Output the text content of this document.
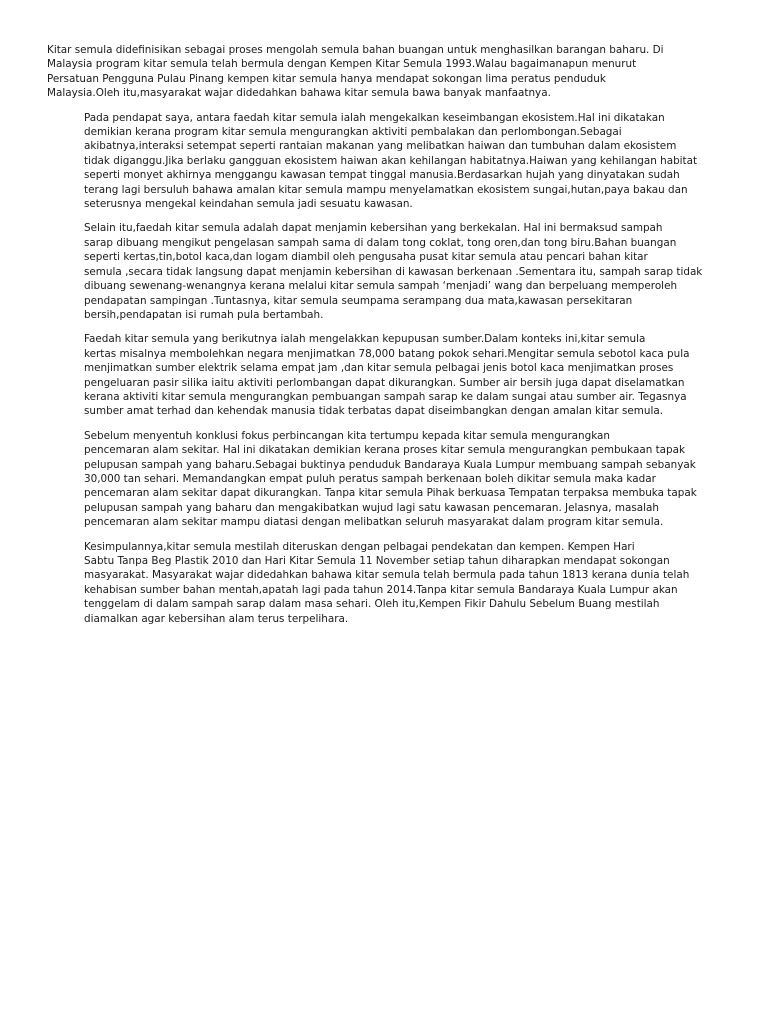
Kitar semula didefinisikan sebagai proses mengolah semula bahan buangan untuk menghasilkan barangan baharu. Di
Malaysia program kitar semula telah bermula dengan Kempen Kitar Semula 1993.Walau bagaimanapun menurut
Persatuan Pengguna Pulau Pinang kempen kitar semula hanya mendapat sokongan lima peratus penduduk
Malaysia.Oleh itu,masyarakat wajar didedahkan bahawa kitar semula bawa banyak manfaatnya.

Pada pendapat saya, antara faedah kitar semula ialah mengekalkan keseimbangan ekosistem.Hal ini dikatakan
demikian kerana program kitar semula mengurangkan aktiviti pembalakan dan perlombongan.Sebagai
akibatnya,interaksi setempat seperti rantaian makanan yang melibatkan haiwan dan tumbuhan dalam ekosistem
tidak diganggu.Jika berlaku gangguan ekosistem haiwan akan kehilangan habitatnya.Haiwan yang kehilangan habitat
seperti monyet akhirnya menggangu kawasan tempat tinggal manusia.Berdasarkan hujah yang dinyatakan sudah
terang lagi bersuluh bahawa amalan kitar semula mampu menyelamatkan ekosistem sungai,hutan,paya bakau dan
seterusnya mengekal keindahan semula jadi sesuatu kawasan.

Selain itu,faedah kitar semula adalah dapat menjamin kebersihan yang berkekalan. Hal ini bermaksud sampah
sarap dibuang mengikut pengelasan sampah sama di dalam tong coklat, tong oren,dan tong biru.Bahan buangan
seperti kertas,tin,botol kaca,dan logam diambil oleh pengusaha pusat kitar semula atau pencari bahan kitar
semula ,secara tidak langsung dapat menjamin kebersihan di kawasan berkenaan .Sementara itu, sampah sarap tidak
dibuang sewenang-wenangnya kerana melalui kitar semula sampah ‘menjadi’ wang dan berpeluang memperoleh
pendapatan sampingan .Tuntasnya, kitar semula seumpama serampang dua mata,kawasan persekitaran
bersih,pendapatan isi rumah pula bertambah.

Faedah kitar semula yang berikutnya ialah mengelakkan kepupusan sumber.Dalam konteks ini,kitar semula
kertas misalnya membolehkan negara menjimatkan 78,000 batang pokok sehari.Mengitar semula sebotol kaca pula
menjimatkan sumber elektrik selama empat jam ,dan kitar semula pelbagai jenis botol kaca menjimatkan proses
pengeluaran pasir silika iaitu aktiviti perlombangan dapat dikurangkan. Sumber air bersih juga dapat diselamatkan
kerana aktiviti kitar semula mengurangkan pembuangan sampah sarap ke dalam sungai atau sumber air. Tegasnya
sumber amat terhad dan kehendak manusia tidak terbatas dapat diseimbangkan dengan amalan kitar semula.

Sebelum menyentuh konklusi fokus perbincangan kita tertumpu kepada kitar semula mengurangkan
pencemaran alam sekitar. Hal ini dikatakan demikian kerana proses kitar semula mengurangkan pembukaan tapak
pelupusan sampah yang baharu.Sebagai buktinya penduduk Bandaraya Kuala Lumpur membuang sampah sebanyak
30,000 tan sehari. Memandangkan empat puluh peratus sampah berkenaan boleh dikitar semula maka kadar
pencemaran alam sekitar dapat dikurangkan. Tanpa kitar semula Pihak berkuasa Tempatan terpaksa membuka tapak
pelupusan sampah yang baharu dan mengakibatkan wujud lagi satu kawasan pencemaran. Jelasnya, masalah
pencemaran alam sekitar mampu diatasi dengan melibatkan seluruh masyarakat dalam program kitar semula.

Kesimpulannya,kitar semula mestilah diteruskan dengan pelbagai pendekatan dan kempen. Kempen Hari
Sabtu Tanpa Beg Plastik 2010 dan Hari Kitar Semula 11 November setiap tahun diharapkan mendapat sokongan
masyarakat. Masyarakat wajar didedahkan bahawa kitar semula telah bermula pada tahun 1813 kerana dunia telah
kehabisan sumber bahan mentah,apatah lagi pada tahun 2014.Tanpa kitar semula Bandaraya Kuala Lumpur akan
tenggelam di dalam sampah sarap dalam masa sehari. Oleh itu,Kempen Fikir Dahulu Sebelum Buang mestilah
diamalkan agar kebersihan alam terus terpelihara.
